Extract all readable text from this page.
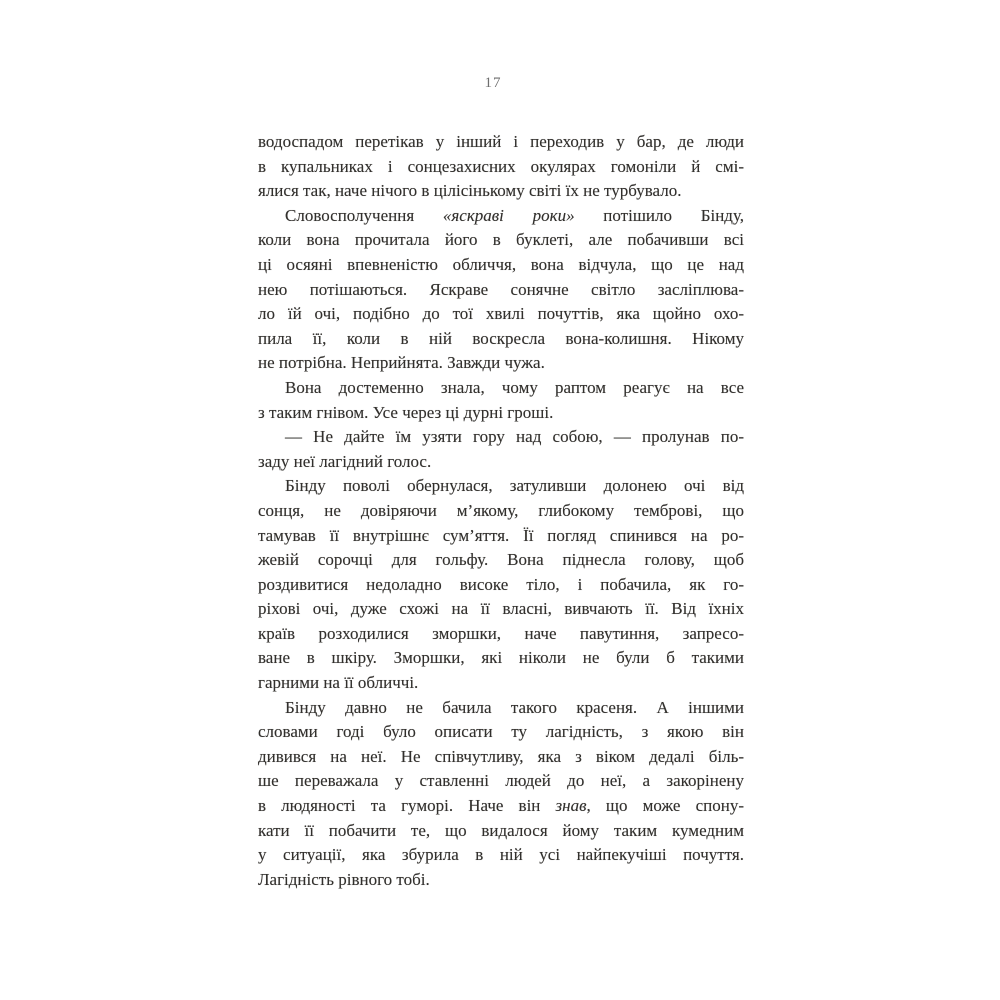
17
водоспадом перетікав у інший і переходив у бар, де люди
в купальниках і сонцезахисних окулярах гомоніли й смі-
ялися так, наче нічого в цілісінькому світі їх не турбувало.
Словосполучення «яскраві роки» потішило Бінду,
коли вона прочитала його в буклеті, але побачивши всі
ці осяяні впевненістю обличчя, вона відчула, що це над
нею потішаються. Яскраве сонячне світло засліплюва-
ло їй очі, подібно до тої хвилі почуттів, яка щойно охо-
пила її, коли в ній воскресла вона-колишня. Нікому
не потрібна. Неприйнята. Завжди чужа.
Вона достеменно знала, чому раптом реагує на все
з таким гнівом. Усе через ці дурні гроші.
— Не дайте їм узяти гору над собою, — пролунав по-
заду неї лагідний голос.
Бінду поволі обернулася, затуливши долонею очі від
сонця, не довіряючи м’якому, глибокому темброві, що
тамував її внутрішнє сум’яття. Її погляд спинився на ро-
жевій сорочці для гольфу. Вона піднесла голову, щоб
роздивитися недоладно високе тіло, і побачила, як го-
ріхові очі, дуже схожі на її власні, вивчають її. Від їхніх
країв розходилися зморшки, наче павутиння, запресо-
ване в шкіру. Зморшки, які ніколи не були б такими
гарними на її обличчі.
Бінду давно не бачила такого красеня. А іншими
словами годі було описати ту лагідність, з якою він
дивився на неї. Не співчутливу, яка з віком дедалі біль-
ше переважала у ставленні людей до неї, а закорінену
в людяності та гуморі. Наче він знав, що може спону-
кати її побачити те, що видалося йому таким кумедним
у ситуації, яка збурила в ній усі найпекучіші почуття.
Лагідність рівного тобі.
